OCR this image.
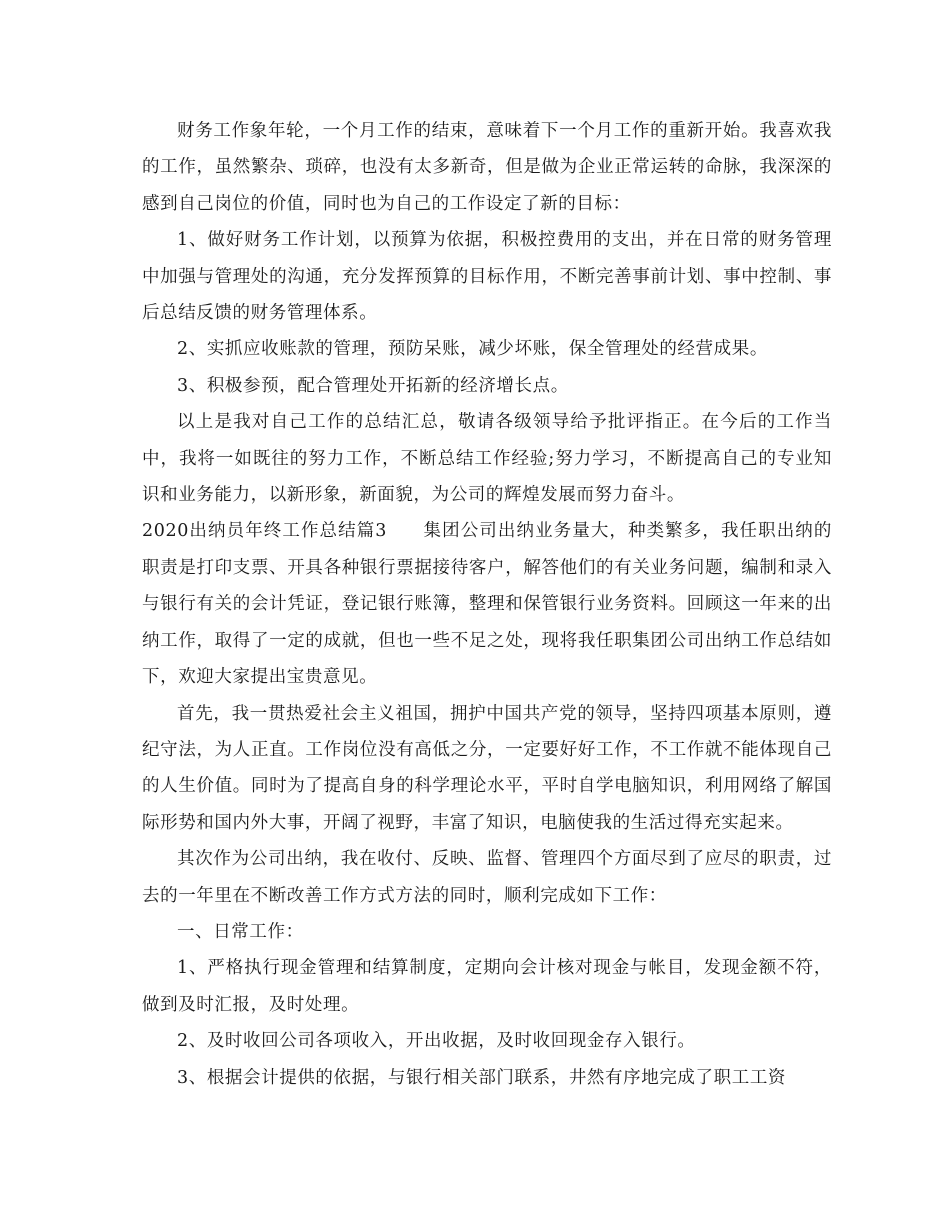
财务工作象年轮，一个月工作的结束，意味着下一个月工作的重新开始。我喜欢我的工作，虽然繁杂、琐碎，也没有太多新奇，但是做为企业正常运转的命脉，我深深的感到自己岗位的价值，同时也为自己的工作设定了新的目标：

1、做好财务工作计划，以预算为依据，积极控费用的支出，并在日常的财务管理中加强与管理处的沟通，充分发挥预算的目标作用，不断完善事前计划、事中控制、事后总结反馈的财务管理体系。

2、实抓应收账款的管理，预防呆账，减少坏账，保全管理处的经营成果。

3、积极参预，配合管理处开拓新的经济增长点。

以上是我对自己工作的总结汇总，敬请各级领导给予批评指正。在今后的工作当中，我将一如既往的努力工作，不断总结工作经验;努力学习，不断提高自己的专业知识和业务能力，以新形象，新面貌，为公司的辉煌发展而努力奋斗。

2020出纳员年终工作总结篇3 集团公司出纳业务量大，种类繁多，我任职出纳的职责是打印支票、开具各种银行票据接待客户，解答他们的有关业务问题，编制和录入与银行有关的会计凭证，登记银行账簿，整理和保管银行业务资料。回顾这一年来的出纳工作，取得了一定的成就，但也一些不足之处，现将我任职集团公司出纳工作总结如下，欢迎大家提出宝贵意见。

首先，我一贯热爱社会主义祖国，拥护中国共产党的领导，坚持四项基本原则，遵纪守法，为人正直。工作岗位没有高低之分，一定要好好工作，不工作就不能体现自己的人生价值。同时为了提高自身的科学理论水平，平时自学电脑知识，利用网络了解国际形势和国内外大事，开阔了视野，丰富了知识，电脑使我的生活过得充实起来。

其次作为公司出纳，我在收付、反映、监督、管理四个方面尽到了应尽的职责，过去的一年里在不断改善工作方式方法的同时，顺利完成如下工作：

一、日常工作：

1、严格执行现金管理和结算制度，定期向会计核对现金与帐目，发现金额不符，做到及时汇报，及时处理。

2、及时收回公司各项收入，开出收据，及时收回现金存入银行。

3、根据会计提供的依据，与银行相关部门联系，井然有序地完成了职工工资
